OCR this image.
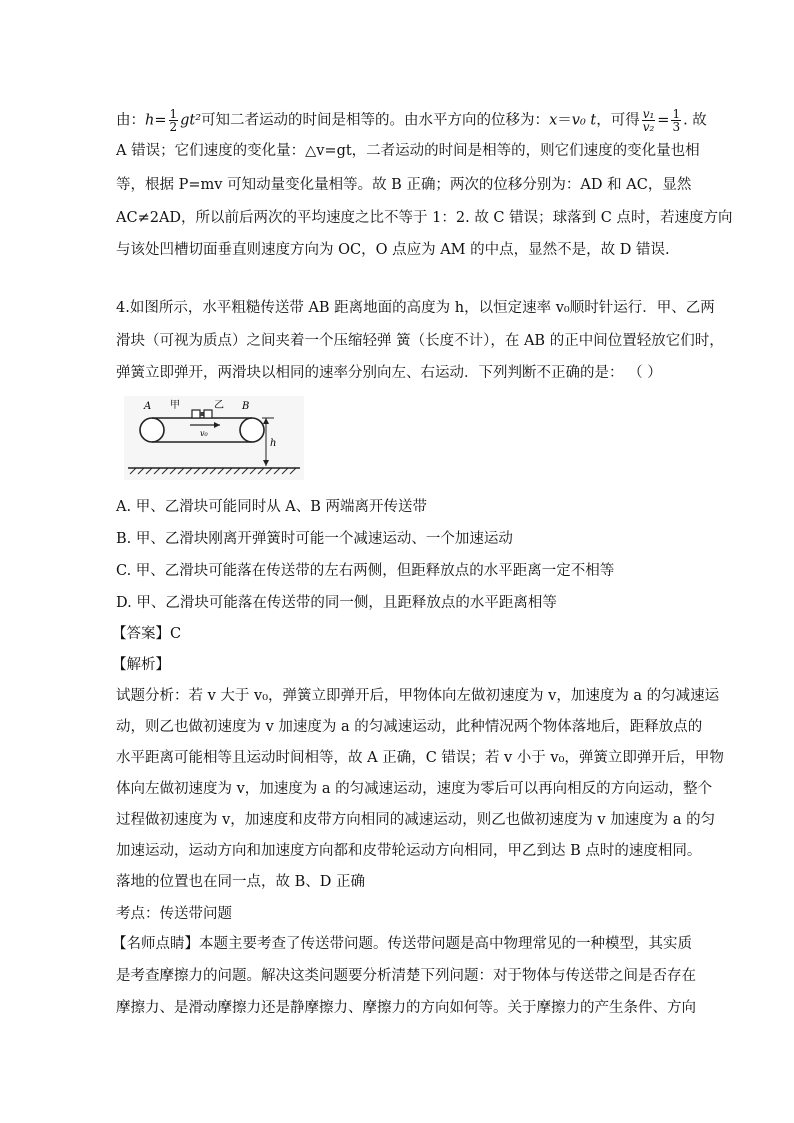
由：$h= \frac{1}{2} gt^2$可知二者运动的时间是相等的。由水平方向的位移为：x＝v₀ t，可得 $\frac{\text{v₁}}{\text{v₂}} = \frac{1}{3}$ . 故
A 错误；它们速度的变化量：△v=gt，二者运动的时间是相等的，则它们速度的变化量也相
等，根据 P=mv 可知动量变化量相等。故 B 正确；两次的位移分别为：AD 和 AC，显然
AC≠2AD，所以前后两次的平均速度之比不等于 1：2. 故 C 错误；球落到 C 点时，若速度方向
与该处凹槽切面垂直则速度方向为 OC，O 点应为 AM 的中点，显然不是，故 D 错误.
4.如图所示，水平粗糙传送带 AB 距离地面的高度为 h，以恒定速率 v₀顺时针运行．甲、乙两
滑块（可视为质点）之间夹着一个压缩轻弹 簧（长度不计），在 AB 的正中间位置轻放它们时，
弹簧立即弹开，两滑块以相同的速率分别向左、右运动．下列判断不正确的是： （ ）
A 甲	乙 B
v₀
h
A. 甲、乙滑块可能同时从 A、B 两端离开传送带
B. 甲、乙滑块刚离开弹簧时可能一个减速运动、一个加速运动
C. 甲、乙滑块可能落在传送带的左右两侧，但距释放点的水平距离一定不相等
D. 甲、乙滑块可能落在传送带的同一侧，且距释放点的水平距离相等
【答案】C
【解析】
试题分析：若 v 大于 v₀，弹簧立即弹开后，甲物体向左做初速度为 v，加速度为 a 的匀减速运
动，则乙也做初速度为 v 加速度为 a 的匀减速运动，此种情况两个物体落地后，距释放点的
水平距离可能相等且运动时间相等，故 A 正确，C 错误；若 v 小于 v₀，弹簧立即弹开后，甲物
体向左做初速度为 v，加速度为 a 的匀减速运动，速度为零后可以再向相反的方向运动，整个
过程做初速度为 v，加速度和皮带方向相同的减速运动，则乙也做初速度为 v 加速度为 a 的匀
加速运动，运动方向和加速度方向都和皮带轮运动方向相同，甲乙到达 B 点时的速度相同。
落地的位置也在同一点，故 B、D 正确
考点：传送带问题
【名师点睛】本题主要考查了传送带问题。传送带问题是高中物理常见的一种模型，其实质
是考查摩擦力的问题。解决这类问题要分析清楚下列问题：对于物体与传送带之间是否存在
摩擦力、是滑动摩擦力还是静摩擦力、摩擦力的方向如何等。关于摩擦力的产生条件、方向
